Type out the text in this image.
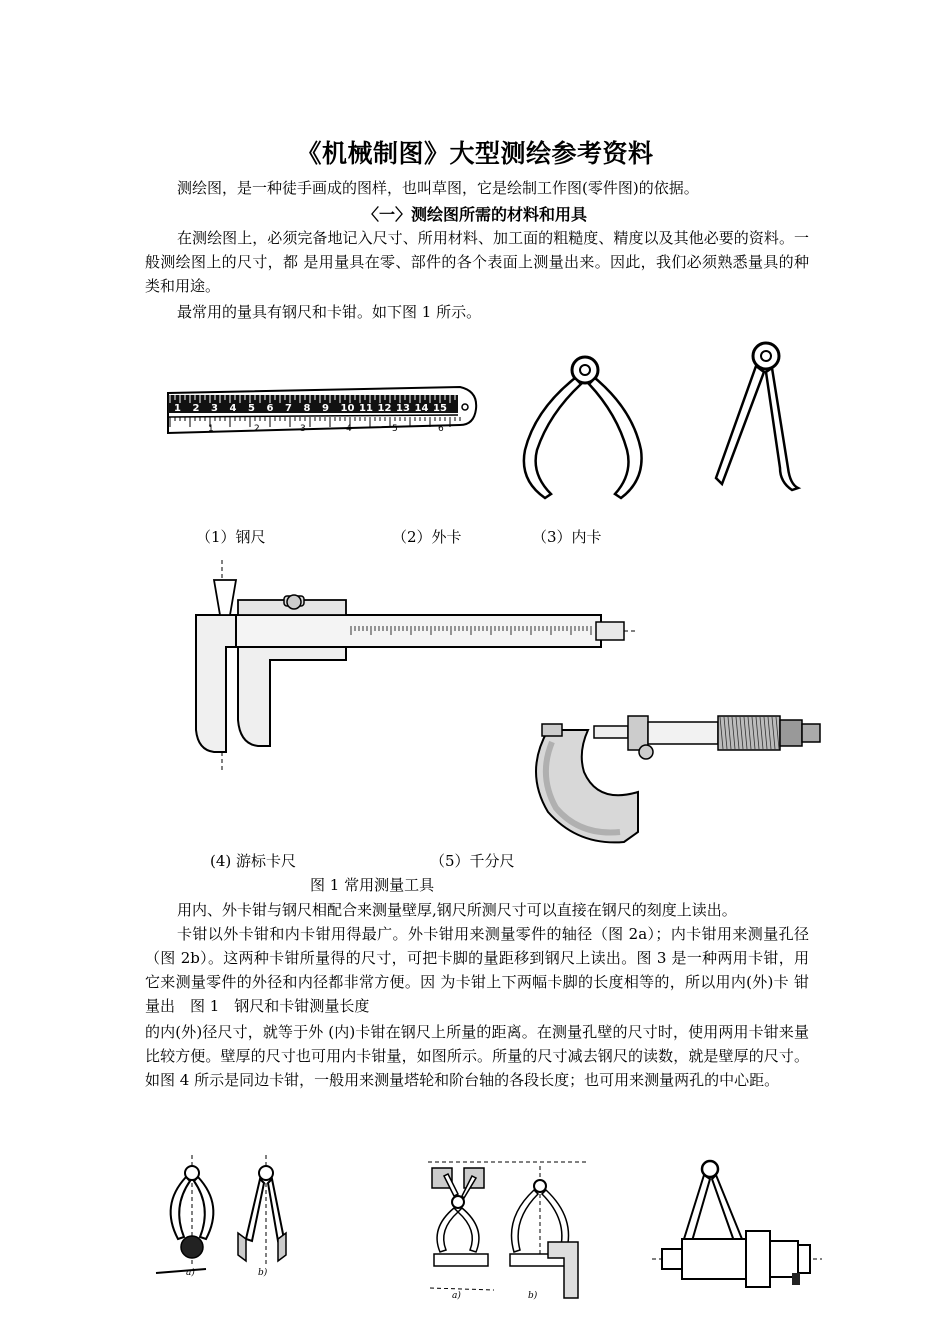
《机械制图》大型测绘参考资料
测绘图，是一种徒手画成的图样，也叫草图，它是绘制工作图(零件图)的依据。
〈一〉测绘图所需的材料和用具
在测绘图上，必须完备地记入尺寸、所用材料、加工面的粗糙度、精度以及其他必要的资料。一般测绘图上的尺寸，都 是用量具在零、部件的各个表面上测量出来。因此，我们必须熟悉量具的种类和用途。
最常用的量具有钢尺和卡钳。如下图 1 所示。
1 2 3 4 5 6 7 8 9 10 11 12 13 14 15
1	2	3	4	5	6
（1）钢尺	（2）外卡	（3）内卡
(4) 游标卡尺	（5）千分尺
图 1 常用测量工具
用内、外卡钳与钢尺相配合来测量壁厚,钢尺所测尺寸可以直接在钢尺的刻度上读出。
卡钳以外卡钳和内卡钳用得最广。外卡钳用来测量零件的轴径（图 2a）；内卡钳用来测量孔径（图 2b）。这两种卡钳所量得的尺寸，可把卡脚的量距移到钢尺上读出。图 3 是一种两用卡钳，用它来测量零件的外径和内径都非常方便。因 为卡钳上下两幅卡脚的长度相等的，所以用内(外)卡 钳量出　图 1　钢尺和卡钳测量长度
的内(外)径尺寸，就等于外 (内)卡钳在钢尺上所量的距离。在测量孔壁的尺寸时，使用两用卡钳来量比较方便。壁厚的尺寸也可用内卡钳量，如图所示。所量的尺寸减去钢尺的读数，就是壁厚的尺寸。如图 4 所示是同边卡钳，一般用来测量塔轮和阶台轴的各段长度；也可用来测量两孔的中心距。
a)	b)
a)	b)
